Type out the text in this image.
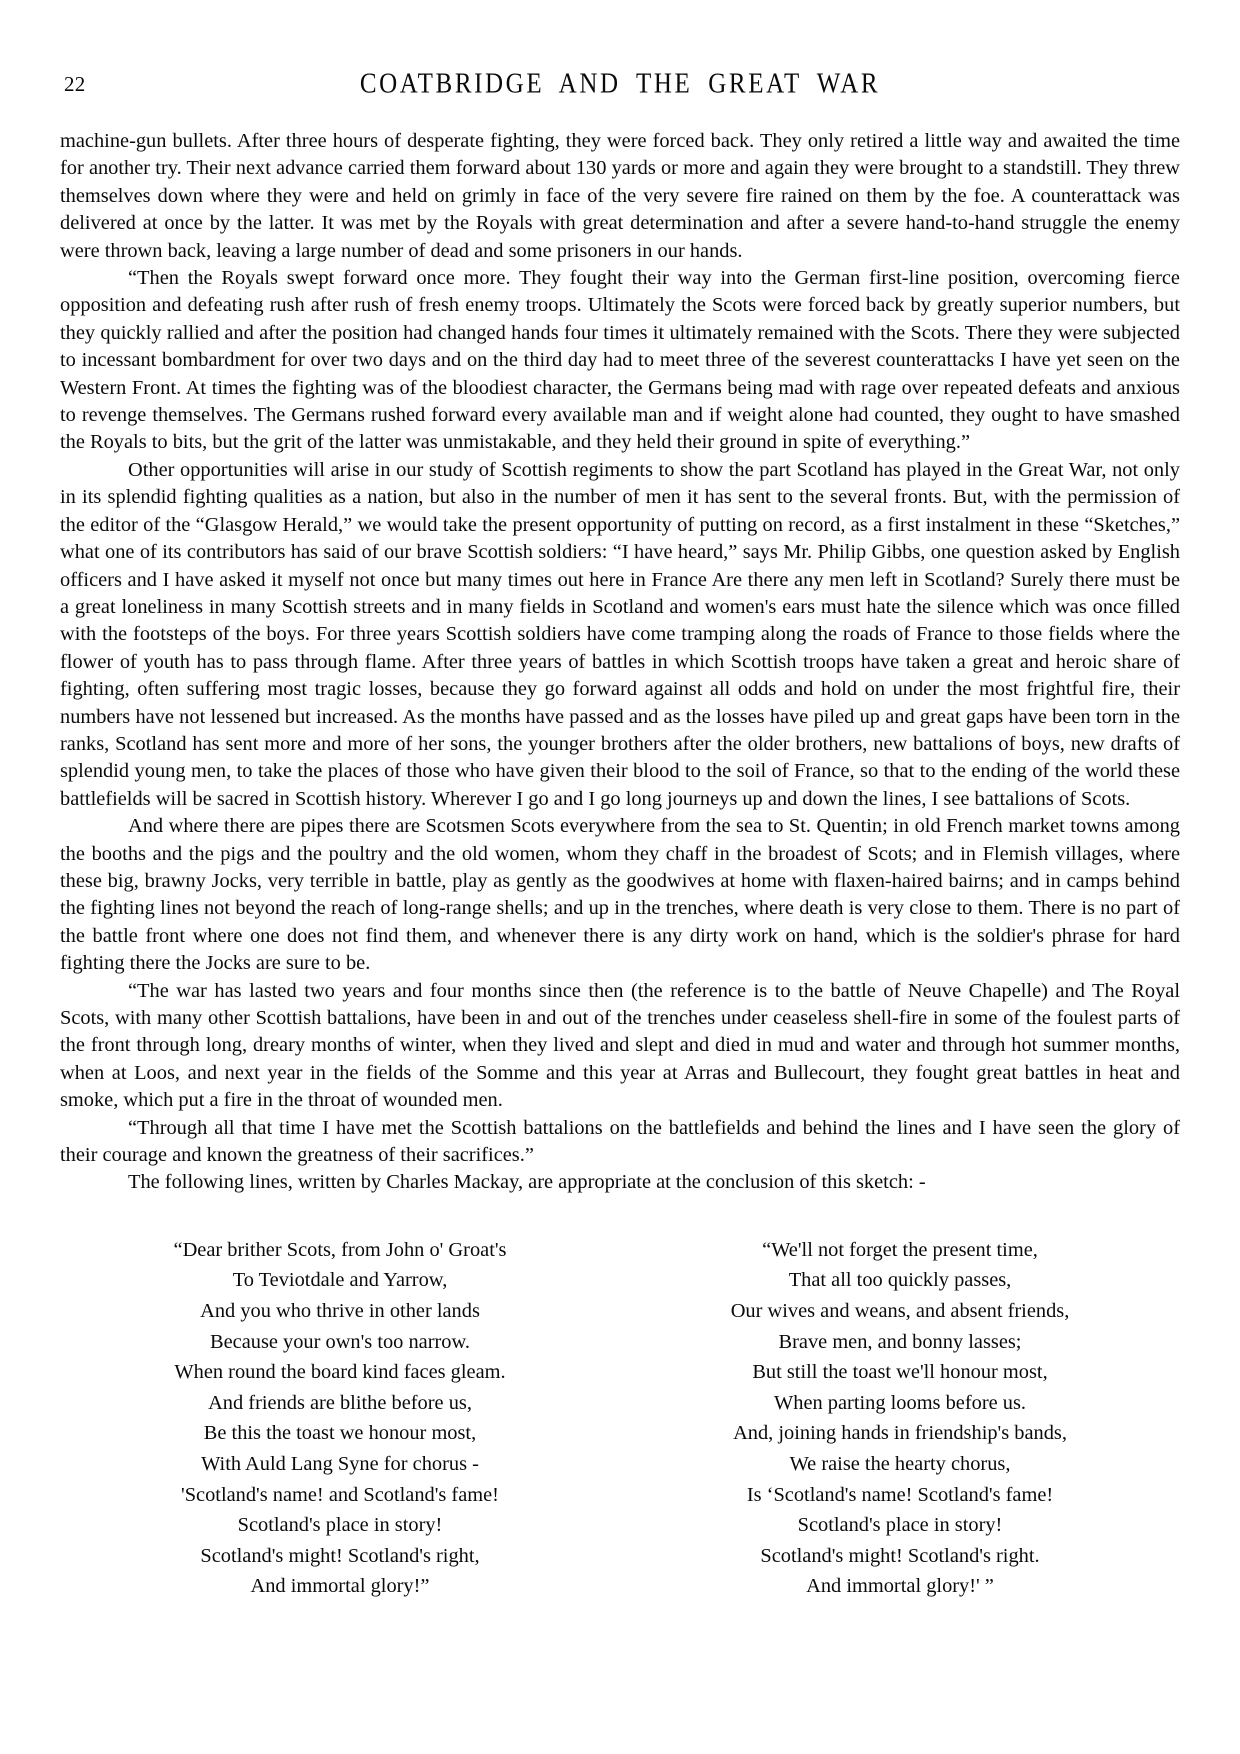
22	COATBRIDGE AND THE GREAT WAR

machine-gun bullets. After three hours of desperate fighting, they were forced back. They only retired a little way and awaited the time for another try. Their next advance carried them forward about 130 yards or more and again they were brought to a standstill. They threw themselves down where they were and held on grimly in face of the very severe fire rained on them by the foe. A counterattack was delivered at once by the latter. It was met by the Royals with great determination and after a severe hand-to-hand struggle the enemy were thrown back, leaving a large number of dead and some prisoners in our hands.

“Then the Royals swept forward once more. They fought their way into the German first-line position, overcoming fierce opposition and defeating rush after rush of fresh enemy troops. Ultimately the Scots were forced back by greatly superior numbers, but they quickly rallied and after the position had changed hands four times it ultimately remained with the Scots. There they were subjected to incessant bombardment for over two days and on the third day had to meet three of the severest counterattacks I have yet seen on the Western Front. At times the fighting was of the bloodiest character, the Germans being mad with rage over repeated defeats and anxious to revenge themselves. The Germans rushed forward every available man and if weight alone had counted, they ought to have smashed the Royals to bits, but the grit of the latter was unmistakable, and they held their ground in spite of everything.”

Other opportunities will arise in our study of Scottish regiments to show the part Scotland has played in the Great War, not only in its splendid fighting qualities as a nation, but also in the number of men it has sent to the several fronts. But, with the permission of the editor of the “Glasgow Herald,” we would take the present opportunity of putting on record, as a first instalment in these “Sketches,” what one of its contributors has said of our brave Scottish soldiers: “I have heard,” says Mr. Philip Gibbs, one question asked by English officers and I have asked it myself not once but many times out here in France Are there any men left in Scotland? Surely there must be a great loneliness in many Scottish streets and in many fields in Scotland and women's ears must hate the silence which was once filled with the footsteps of the boys. For three years Scottish soldiers have come tramping along the roads of France to those fields where the flower of youth has to pass through flame. After three years of battles in which Scottish troops have taken a great and heroic share of fighting, often suffering most tragic losses, because they go forward against all odds and hold on under the most frightful fire, their numbers have not lessened but increased. As the months have passed and as the losses have piled up and great gaps have been torn in the ranks, Scotland has sent more and more of her sons, the younger brothers after the older brothers, new battalions of boys, new drafts of splendid young men, to take the places of those who have given their blood to the soil of France, so that to the ending of the world these battlefields will be sacred in Scottish history. Wherever I go and I go long journeys up and down the lines, I see battalions of Scots.

And where there are pipes there are Scotsmen Scots everywhere from the sea to St. Quentin; in old French market towns among the booths and the pigs and the poultry and the old women, whom they chaff in the broadest of Scots; and in Flemish villages, where these big, brawny Jocks, very terrible in battle, play as gently as the goodwives at home with flaxen-haired bairns; and in camps behind the fighting lines not beyond the reach of long-range shells; and up in the trenches, where death is very close to them. There is no part of the battle front where one does not find them, and whenever there is any dirty work on hand, which is the soldier's phrase for hard fighting there the Jocks are sure to be.

“The war has lasted two years and four months since then (the reference is to the battle of Neuve Chapelle) and The Royal Scots, with many other Scottish battalions, have been in and out of the trenches under ceaseless shell-fire in some of the foulest parts of the front through long, dreary months of winter, when they lived and slept and died in mud and water and through hot summer months, when at Loos, and next year in the fields of the Somme and this year at Arras and Bullecourt, they fought great battles in heat and smoke, which put a fire in the throat of wounded men.

“Through all that time I have met the Scottish battalions on the battlefields and behind the lines and I have seen the glory of their courage and known the greatness of their sacrifices.”

The following lines, written by Charles Mackay, are appropriate at the conclusion of this sketch: -

“Dear brither Scots, from John o' Groat's
To Teviotdale and Yarrow,
And you who thrive in other lands
Because your own's too narrow.
When round the board kind faces gleam.
And friends are blithe before us,
Be this the toast we honour most,
With Auld Lang Syne for chorus -
'Scotland's name! and Scotland's fame!
Scotland's place in story!
Scotland's might! Scotland's right,
And immortal glory!”
“We'll not forget the present time,
That all too quickly passes,
Our wives and weans, and absent friends,
Brave men, and bonny lasses;
But still the toast we'll honour most,
When parting looms before us.
And, joining hands in friendship's bands,
We raise the hearty chorus,
Is ‘Scotland's name! Scotland's fame!
Scotland's place in story!
Scotland's might! Scotland's right.
And immortal glory!' ”
